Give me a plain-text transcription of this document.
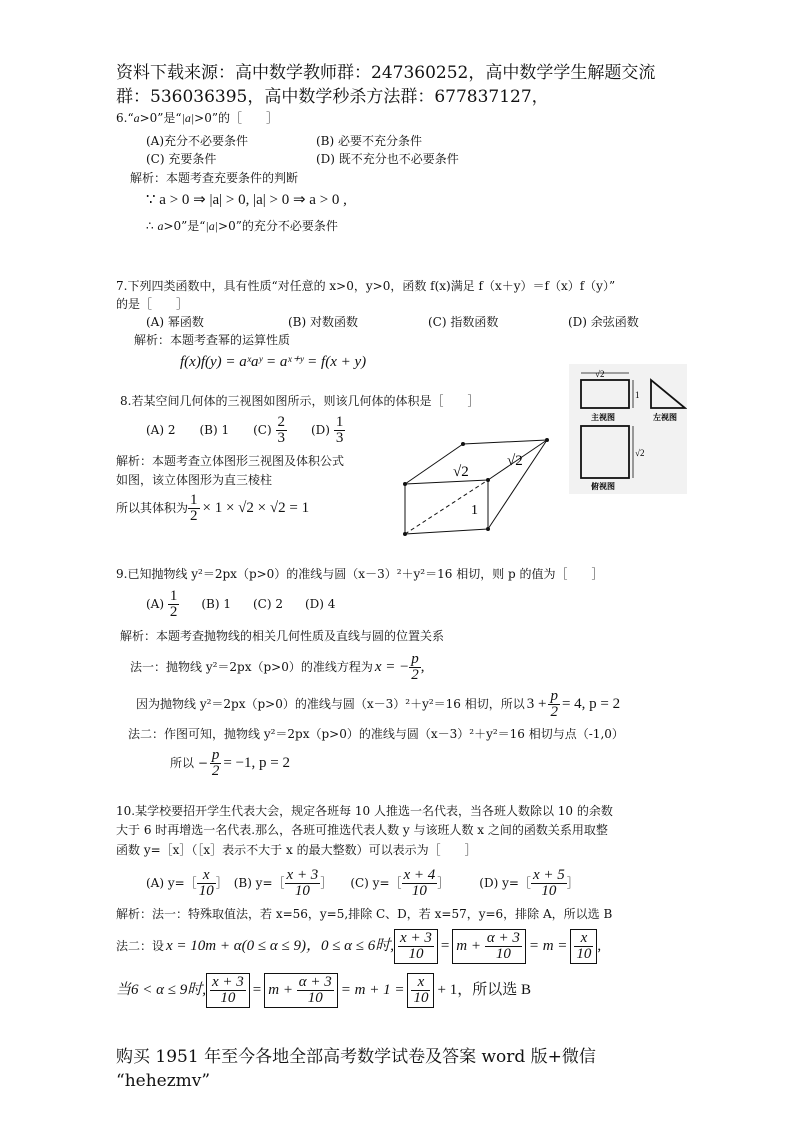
资料下载来源：高中数学教师群：247360252，高中数学学生解题交流
群：536036395，高中数学秒杀方法群：677837127，
6.“a>0”是“|a|>0”的［　　］
(A)充分不必要条件	(B) 必要不充分条件
(C) 充要条件	(D) 既不充分也不必要条件
解析：本题考查充要条件的判断
∵ a > 0 ⇒ |a| > 0, |a| > 0 ⇒ a > 0 ,
∴ a>0”是“|a|>0”的充分不必要条件
7.下列四类函数中，具有性质“对任意的 x>0，y>0，函数 f(x)满足 f（x＋y）＝f（x）f（y）”
的是［　　］
(A) 幂函数	(B) 对数函数	(C) 指数函数	(D) 余弦函数
解析：本题考查幂的运算性质
f(x)f(y) = aˣaʸ = aˣ⁺ʸ = f(x + y)
8.若某空间几何体的三视图如图所示，则该几何体的体积是［　　］
(A) 2 (B) 1 $(C) \frac{2}{3} (D) \frac{1}{3}$
解析：本题考查立体图形三视图及体积公式
如图，该立体图形为直三棱柱
所以其体积为 $\frac{1}{2} \times 1 \times √2 \times √2 = 1$
√2
√2
1
√2
1
√2
主视图	左视图
俯视图
9.已知抛物线 y²＝2px（p>0）的准线与圆（x－3）²＋y²＝16 相切，则 p 的值为［　　］
$(A) \frac{1}{2} (B)$ 1 (C) 2 (D) 4
解析：本题考查抛物线的相关几何性质及直线与圆的位置关系
法一：抛物线 y²＝2px（p>0）的准线方程为 x = − $\frac{p}{2}$ ,
因为抛物线 y²＝2px（p>0）的准线与圆（x－3）²＋y²＝16 相切，所以 $3 + \frac{p}{2} = 4$, p = 2
法二：作图可知，抛物线 y²＝2px（p>0）的准线与圆（x－3）²＋y²＝16 相切与点（-1,0）
所以 − $\frac{p}{2} = -1$, p = 2
10.某学校要招开学生代表大会，规定各班每 10 人推选一名代表，当各班人数除以 10 的余数
大于 6 时再增选一名代表.那么，各班可推选代表人数 y 与该班人数 x 之间的函数关系用取整
函数 y=［x］（［x］表示不大于 x 的最大整数）可以表示为［　　］
(A) y=［
x
10 ］　(B) y=［
x + 3
10 ］　　(C) y=［
x + 4
10 ］　　　(D) y=［
x + 5
10 ］
解析：法一：特殊取值法，若 x=56，y=5,排除 C、D，若 x=57，y=6，排除 A，所以选 B
法二：设 x = 10m + α(0 ≤ α ≤ 9)，0 ≤ α ≤ 6时, $\frac{x + 3}{10} = m + \frac{\alpha + 3}{10} = m = \frac{x}{10}$ ,
当6 < α ≤ 9时, $\frac{x + 3}{10} = m + \frac{\alpha + 3}{10} = m + 1 = \frac{x}{10} + 1$，所以选 B
购买 1951 年至今各地全部高考数学试卷及答案 word 版+微信
“hehezmv”
